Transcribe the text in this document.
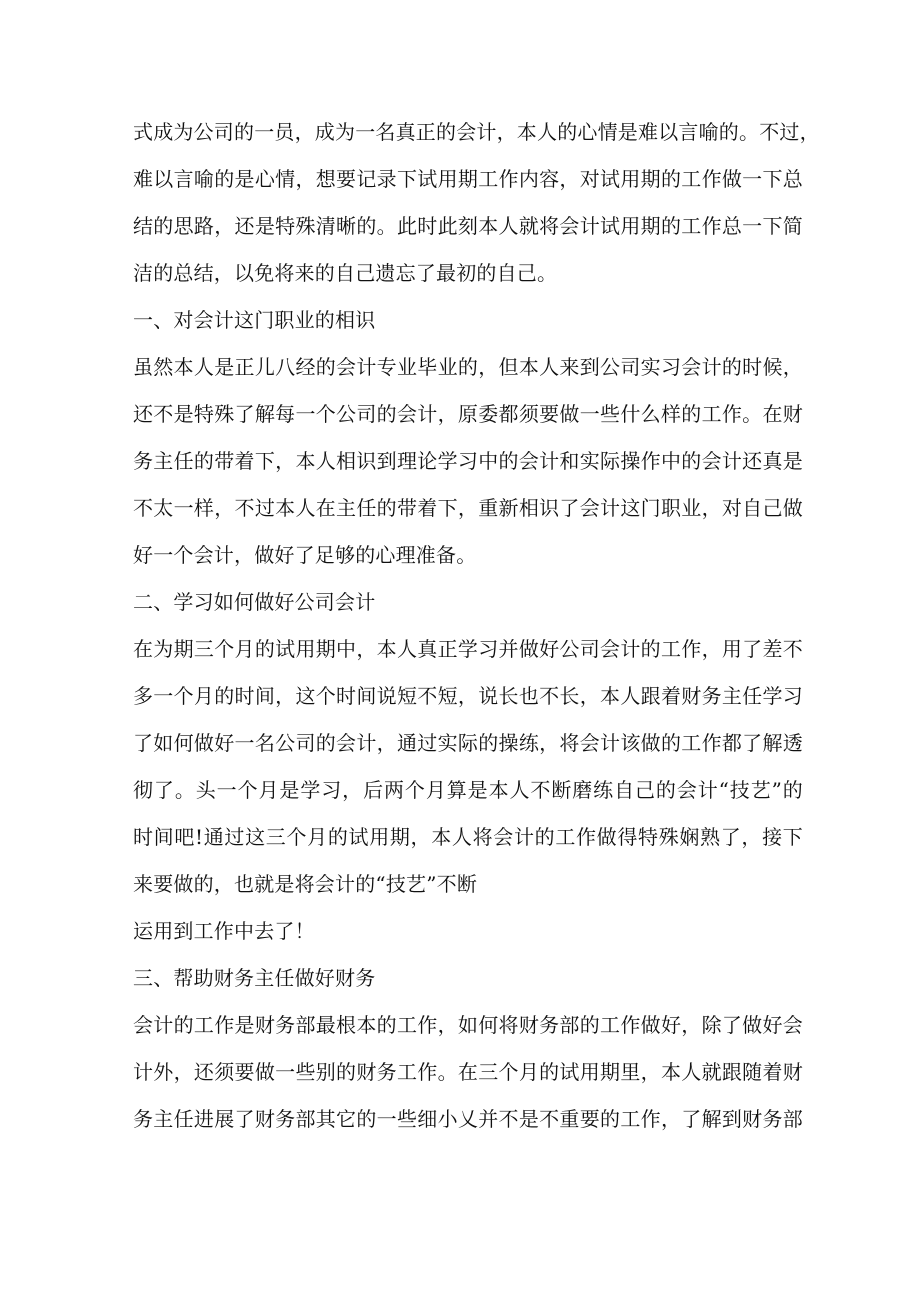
式成为公司的一员，成为一名真正的会计，本人的心情是难以言喻的。不过，
难以言喻的是心情，想要记录下试用期工作内容，对试用期的工作做一下总
结的思路，还是特殊清晰的。此时此刻本人就将会计试用期的工作总一下简
洁的总结，以免将来的自己遗忘了最初的自己。
一、对会计这门职业的相识
虽然本人是正儿八经的会计专业毕业的，但本人来到公司实习会计的时候，
还不是特殊了解每一个公司的会计，原委都须要做一些什么样的工作。在财
务主任的带着下，本人相识到理论学习中的会计和实际操作中的会计还真是
不太一样，不过本人在主任的带着下，重新相识了会计这门职业，对自己做
好一个会计，做好了足够的心理准备。
二、学习如何做好公司会计
在为期三个月的试用期中，本人真正学习并做好公司会计的工作，用了差不
多一个月的时间，这个时间说短不短，说长也不长，本人跟着财务主任学习
了如何做好一名公司的会计，通过实际的操练，将会计该做的工作都了解透
彻了。头一个月是学习，后两个月算是本人不断磨练自己的会计“技艺”的
时间吧!通过这三个月的试用期，本人将会计的工作做得特殊娴熟了，接下
来要做的，也就是将会计的“技艺”不断
运用到工作中去了！
三、帮助财务主任做好财务
会计的工作是财务部最根本的工作，如何将财务部的工作做好，除了做好会
计外，还须要做一些别的财务工作。在三个月的试用期里，本人就跟随着财
务主任进展了财务部其它的一些细小乂并不是不重要的工作，了解到财务部
